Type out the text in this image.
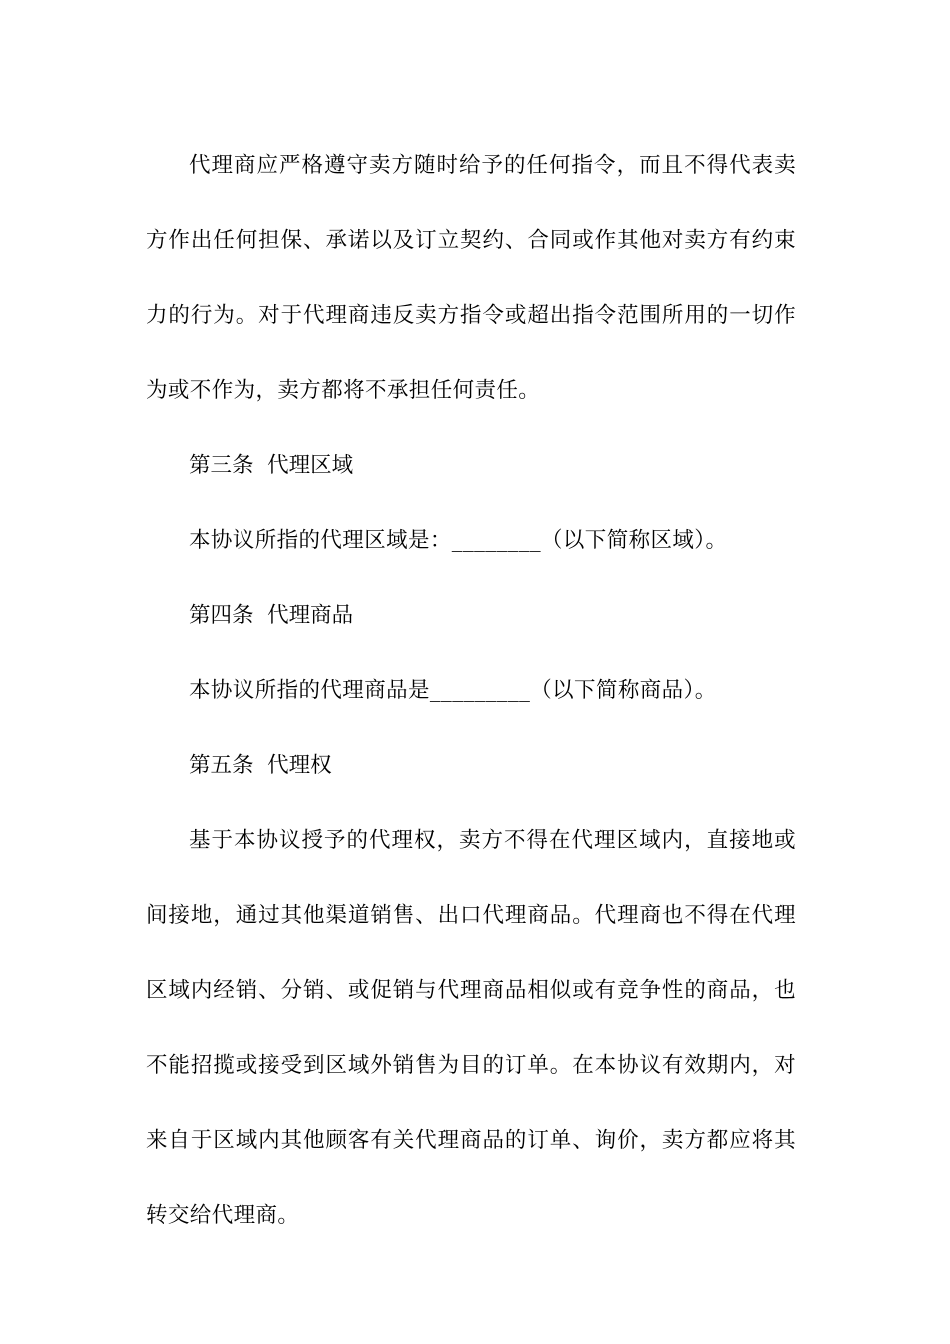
代理商应严格遵守卖方随时给予的任何指令，而且不得代表卖方作出任何担保、承诺以及订立契约、合同或作其他对卖方有约束力的行为。对于代理商违反卖方指令或超出指令范围所用的一切作为或不作为，卖方都将不承担任何责任。

第三条  代理区域

本协议所指的代理区域是：________（以下简称区域）。

第四条  代理商品

本协议所指的代理商品是_________（以下简称商品）。

第五条  代理权

基于本协议授予的代理权，卖方不得在代理区域内，直接地或间接地，通过其他渠道销售、出口代理商品。代理商也不得在代理区域内经销、分销、或促销与代理商品相似或有竞争性的商品，也不能招揽或接受到区域外销售为目的订单。在本协议有效期内，对来自于区域内其他顾客有关代理商品的订单、询价，卖方都应将其转交给代理商。
